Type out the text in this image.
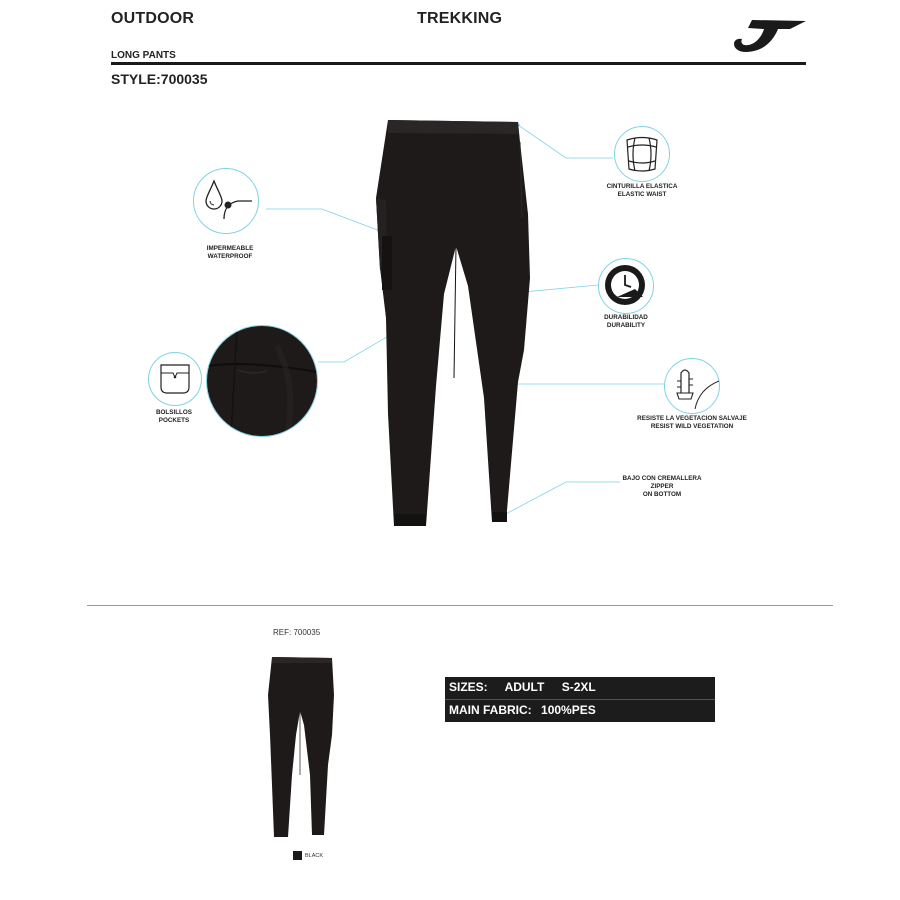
OUTDOOR	TREKKING
LONG PANTS
STYLE:700035
CINTURILLA ELASTICA
ELASTIC WAIST
IMPERMEABLE
WATERPROOF
DURABILIDAD
DURABILITY
BOLSILLOS
POCKETS	RESISTE LA VEGETACION SALVAJE
RESIST WILD VEGETATION
BAJO CON CREMALLERA
ZIPPER
ON BOTTOM
REF: 700035
BLACK
SIZES: ADULT S-2XL
MAIN FABRIC: 100%PES
